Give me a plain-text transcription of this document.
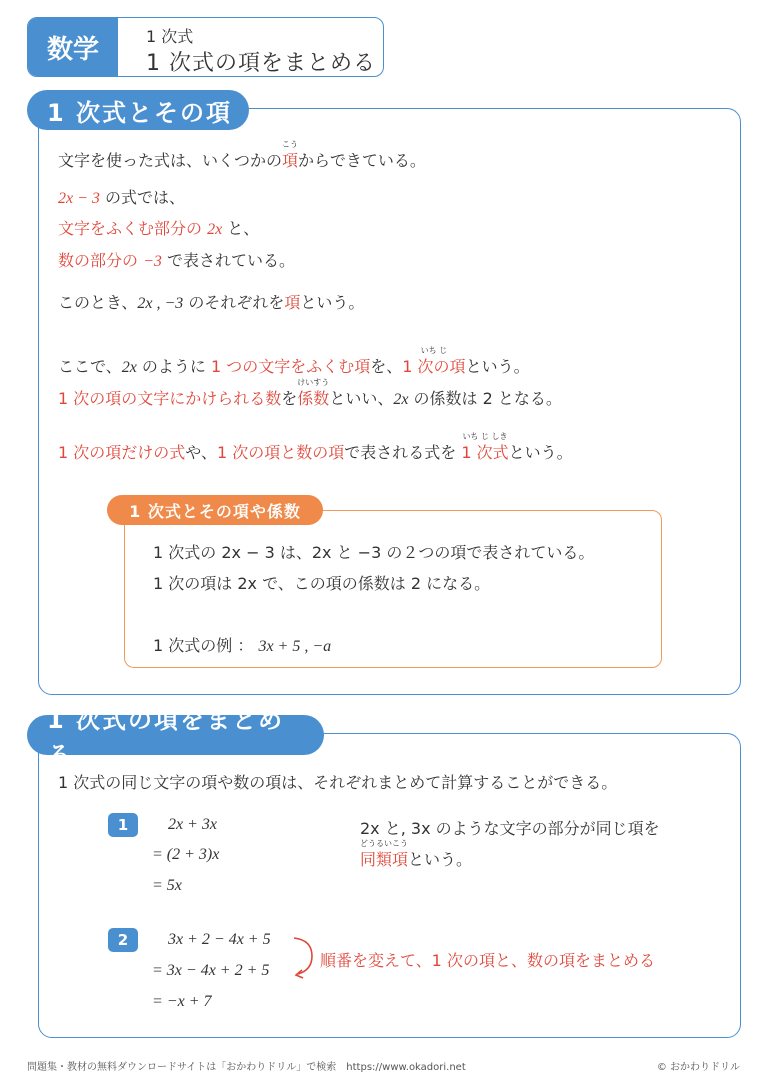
数学	1 次式
1 次式の項をまとめる
1 次式とその項
文字を使った式は、いくつかの
こう
項からできている。
2x − 3 の式では、
文字をふくむ部分の 2x と、
数の部分の −3 で表されている。
このとき、2x , −3 のそれぞれを項という。
ここで、2x のように 1 つの文字をふくむ項を、
いち じ
1 次の項という。
1 次の項の文字にかけられる数を
けいすう
係数といい、2x の係数は 2 となる。
1 次の項だけの式や、1 次の項と数の項で表される式を
いち じ しき
1 次式という。
1 次式とその項や係数
1 次式の 2x − 3 は、2x と −3 の２つの項で表されている。
1 次の項は 2x で、この項の係数は 2 になる。
1 次式の例 ： 3x + 5 , −a
1 次式の項をまとめる
1 次式の同じ文字の項や数の項は、それぞれまとめて計算することができる。
1	2x + 3x
= (2 + 3)x
= 5x
2x と, 3x のような文字の部分が同じ項を
どうるいこう
同類項という。
2	3x + 2 − 4x + 5
= 3x − 4x + 2 + 5
= −x + 7
順番を変えて、1 次の項と、数の項をまとめる
問題集・教材の無料ダウンロードサイトは「おかわりドリル」で検索　https://www.okadori.net	© おかわりドリル
